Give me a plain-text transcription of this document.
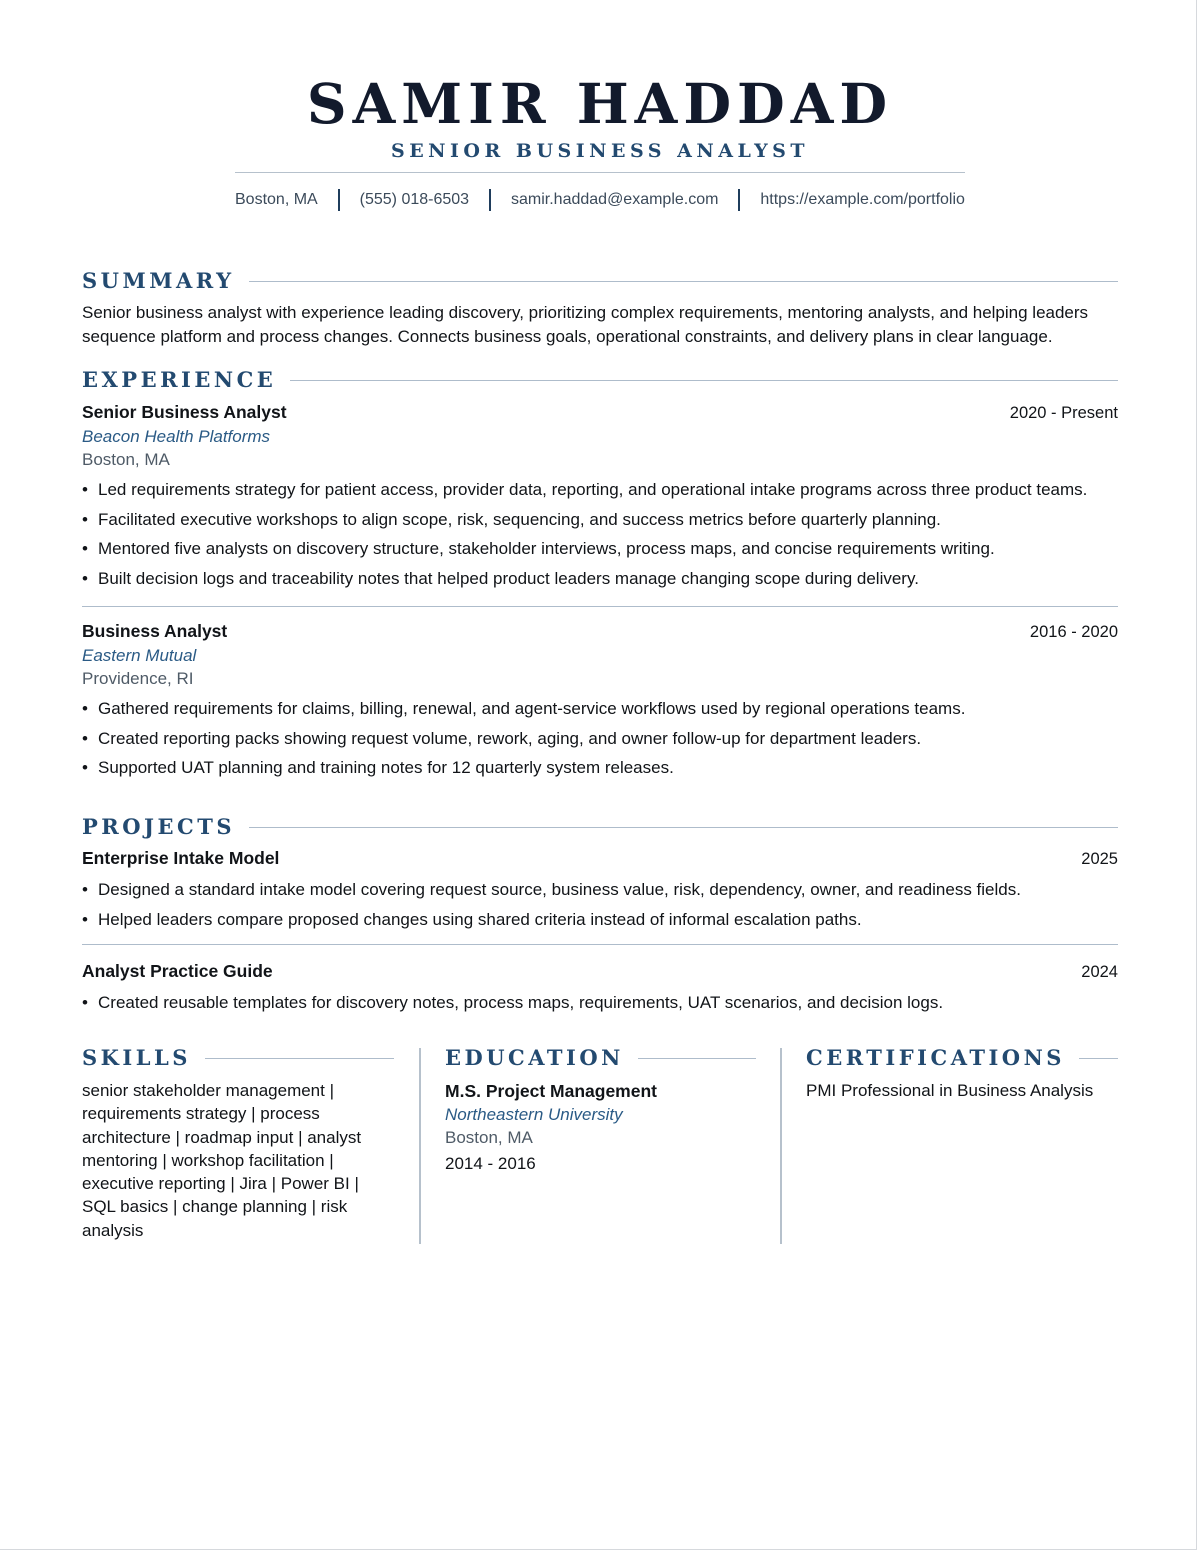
SAMIR HADDAD
SENIOR BUSINESS ANALYST
Boston, MA	(555) 018-6503	samir.haddad@example.com	https://example.com/portfolio
SUMMARY

Senior business analyst with experience leading discovery, prioritizing complex requirements, mentoring analysts, and helping leaders sequence platform and process changes. Connects business goals, operational constraints, and delivery plans in clear language.

EXPERIENCE
Senior Business Analyst	2020 - Present
Beacon Health Platforms
Boston, MA
• Led requirements strategy for patient access, provider data, reporting, and operational intake programs across three product teams.
• Facilitated executive workshops to align scope, risk, sequencing, and success metrics before quarterly planning.
• Mentored five analysts on discovery structure, stakeholder interviews, process maps, and concise requirements writing.
• Built decision logs and traceability notes that helped product leaders manage changing scope during delivery.
Business Analyst	2016 - 2020
Eastern Mutual
Providence, RI
• Gathered requirements for claims, billing, renewal, and agent-service workflows used by regional operations teams.
• Created reporting packs showing request volume, rework, aging, and owner follow-up for department leaders.
• Supported UAT planning and training notes for 12 quarterly system releases.
PROJECTS
Enterprise Intake Model	2025
• Designed a standard intake model covering request source, business value, risk, dependency, owner, and readiness fields.
• Helped leaders compare proposed changes using shared criteria instead of informal escalation paths.
Analyst Practice Guide	2024
• Created reusable templates for discovery notes, process maps, requirements, UAT scenarios, and decision logs.
SKILLS
senior stakeholder management | requirements strategy | process architecture | roadmap input | analyst mentoring | workshop facilitation | executive reporting | Jira | Power BI | SQL basics | change planning | risk analysis
EDUCATION
M.S. Project Management
Northeastern University
Boston, MA
2014 - 2016
CERTIFICATIONS
PMI Professional in Business Analysis
